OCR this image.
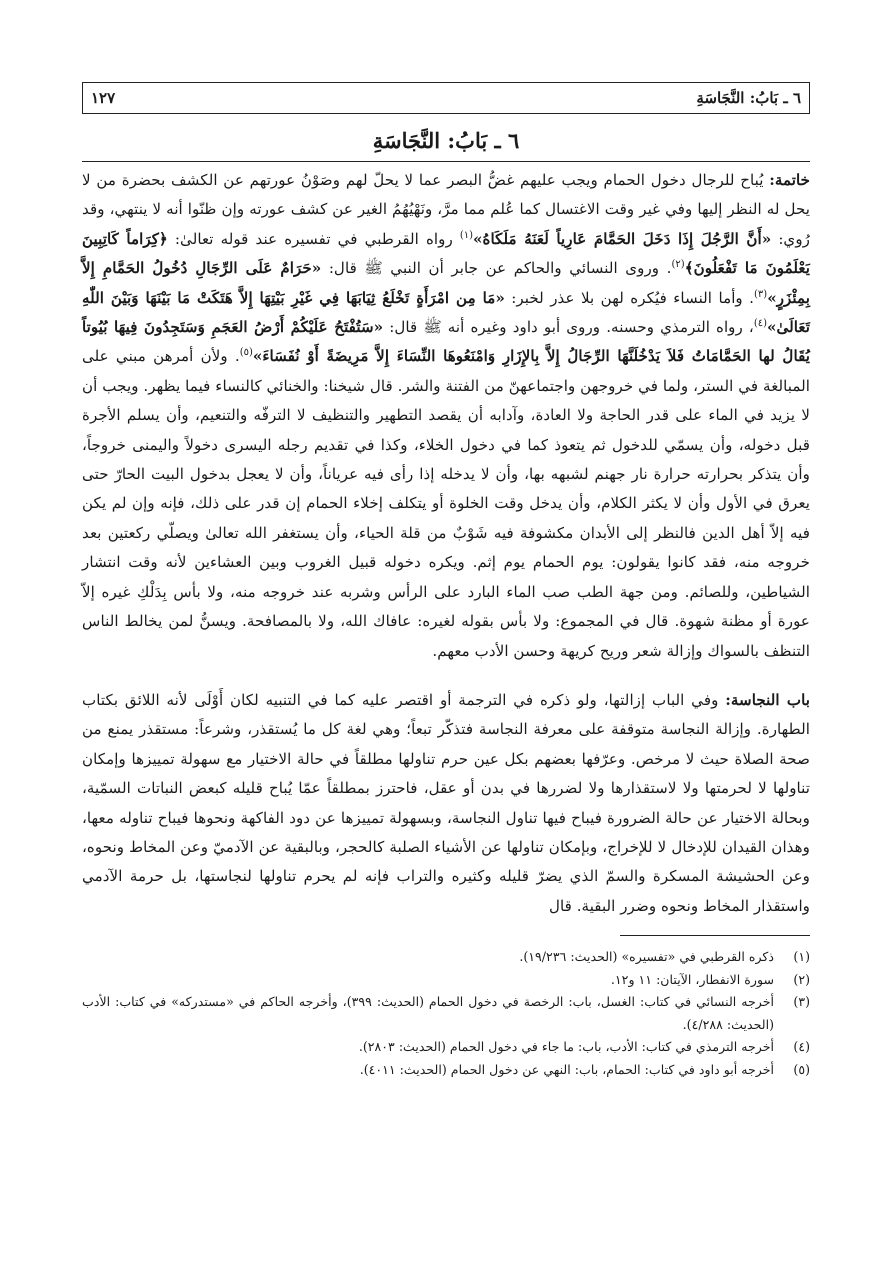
٦ ـ بَابُ: النَّجَاسَةِ
١٢٧
٦ ـ بَابُ: النَّجَاسَةِ

خاتمة: يُباح للرجال دخول الحمام ويجب عليهم غضُّ البصر عما لا يحلّ لهم وصَوْنُ عورتهم عن الكشف بحضرة من لا يحل له النظر إليها وفي غير وقت الاغتسال كما عُلم مما مرَّ، ونَهْيُهُمُ الغير عن كشف عورته وإن ظنّوا أنه لا ينتهي، وقد رُوي: «أَنَّ الرَّجُلَ إِذَا دَخَلَ الحَمَّامَ عَارِياً لَعَنَهُ مَلَكَاهُ»$^{(١)}$ رواه القرطبي في تفسيره عند قوله تعالىٰ: ﴿كِرَاماً كَاتِبِينَ يَعْلَمُونَ مَا تَفْعَلُونَ﴾$^{(٢)}$. وروى النسائي والحاكم عن جابر أن النبي ﷺ قال: «حَرَامٌ عَلَى الرِّجَالِ دُخُولُ الحَمَّامِ إِلاَّ بِمِئْزَرٍ»$^{(٣)}$. وأما النساء فيُكره لهن بلا عذر لخبر: «مَا مِن امْرَأَةٍ تَخْلَعُ ثِيَابَهَا فِي غَيْرِ بَيْتِهَا إِلاَّ هَتَكَتْ مَا بَيْنَهَا وَبَيْنَ اللّٰهِ تَعَالَىٰ»$^{(٤)}$، رواه الترمذي وحسنه. وروى أبو داود وغيره أنه ﷺ قال: «سَتُفْتَحُ عَلَيْكُمْ أَرْضُ العَجَمِ وَسَتَجِدُونَ فِيهَا بُيُوتاً يُقَالُ لها الحَمَّامَاتُ فَلاَ يَدْخُلَنَّهَا الرِّجَالُ إِلاَّ بِالإِزَارِ وَامْنَعُوهَا النِّسَاءَ إِلاَّ مَرِيضَةً أَوْ نُفَسَاءَ»$^{(٥)}$. ولأن أمرهن مبني على المبالغة في الستر، ولما في خروجهن واجتماعهنّ من الفتنة والشر. قال شيخنا: والخنائي كالنساء فيما يظهر. ويجب أن لا يزيد في الماء على قدر الحاجة ولا العادة، وآدابه أن يقصد التطهير والتنظيف لا الترفّه والتنعيم، وأن يسلم الأجرة قبل دخوله، وأن يسمّي للدخول ثم يتعوذ كما في دخول الخلاء، وكذا في تقديم رجله اليسرى دخولاً واليمنى خروجاً، وأن يتذكر بحرارته حرارة نار جهنم لشبهه بها، وأن لا يدخله إذا رأى فيه عرياناً، وأن لا يعجل بدخول البيت الحارّ حتى يعرق في الأول وأن لا يكثر الكلام، وأن يدخل وقت الخلوة أو يتكلف إخلاء الحمام إن قدر على ذلك، فإنه وإن لم يكن فيه إلاّ أهل الدين فالنظر إلى الأبدان مكشوفة فيه شَوْبٌ من قلة الحياء، وأن يستغفر الله تعالىٰ ويصلّي ركعتين بعد خروجه منه، فقد كانوا يقولون: يوم الحمام يوم إثم. ويكره دخوله قبيل الغروب وبين العشاءين لأنه وقت انتشار الشياطين، وللصائم. ومن جهة الطب صب الماء البارد على الرأس وشربه عند خروجه منه، ولا بأس بِدَلْكِ غيره إلاّ عورة أو مظنة شهوة. قال في المجموع: ولا بأس بقوله لغيره: عافاك الله، ولا بالمصافحة. ويسنُّ لمن يخالط الناس التنظف بالسواك وإزالة شعر وريح كريهة وحسن الأدب معهم.

باب النجاسة: وفي الباب إزالتها، ولو ذكره في الترجمة أو اقتصر عليه كما في التنبيه لكان أَوْلَى لأنه اللائق بكتاب الطهارة. وإزالة النجاسة متوقفة على معرفة النجاسة فتذكّر تبعاً؛ وهي لغة كل ما يُستقذر، وشرعاً: مستقذر يمنع من صحة الصلاة حيث لا مرخص. وعرّفها بعضهم بكل عين حرم تناولها مطلقاً في حالة الاختيار مع سهولة تمييزها وإمكان تناولها لا لحرمتها ولا لاستقذارها ولا لضررها في بدن أو عقل، فاحترز بمطلقاً عمّا يُباح قليله كبعض النباتات السمّية، وبحالة الاختيار عن حالة الضرورة فيباح فيها تناول النجاسة، وبسهولة تمييزها عن دود الفاكهة ونحوها فيباح تناوله معها، وهذان القيدان للإدخال لا للإخراج، وبإمكان تناولها عن الأشياء الصلبة كالحجر، وبالبقية عن الآدميّ وعن المخاط ونحوه، وعن الحشيشة المسكرة والسمّ الذي يضرّ قليله وكثيره والتراب فإنه لم يحرم تناولها لنجاستها، بل حرمة الآدمي واستقذار المخاط ونحوه وضرر البقية. قال

(١)
ذكره القرطبي في «تفسيره» (الحديث: ١٩/٢٣٦).
(٢)
سورة الانفطار، الآيتان: ١١ و١٢.
(٣)
أخرجه النسائي في كتاب: الغسل، باب: الرخصة في دخول الحمام (الحديث: ٣٩٩)، وأخرجه الحاكم في «مستدركه» في كتاب: الأدب (الحديث: ٤/٢٨٨).
(٤)
أخرجه الترمذي في كتاب: الأدب، باب: ما جاء في دخول الحمام (الحديث: ٢٨٠٣).
(٥)
أخرجه أبو داود في كتاب: الحمام، باب: النهي عن دخول الحمام (الحديث: ٤٠١١).
